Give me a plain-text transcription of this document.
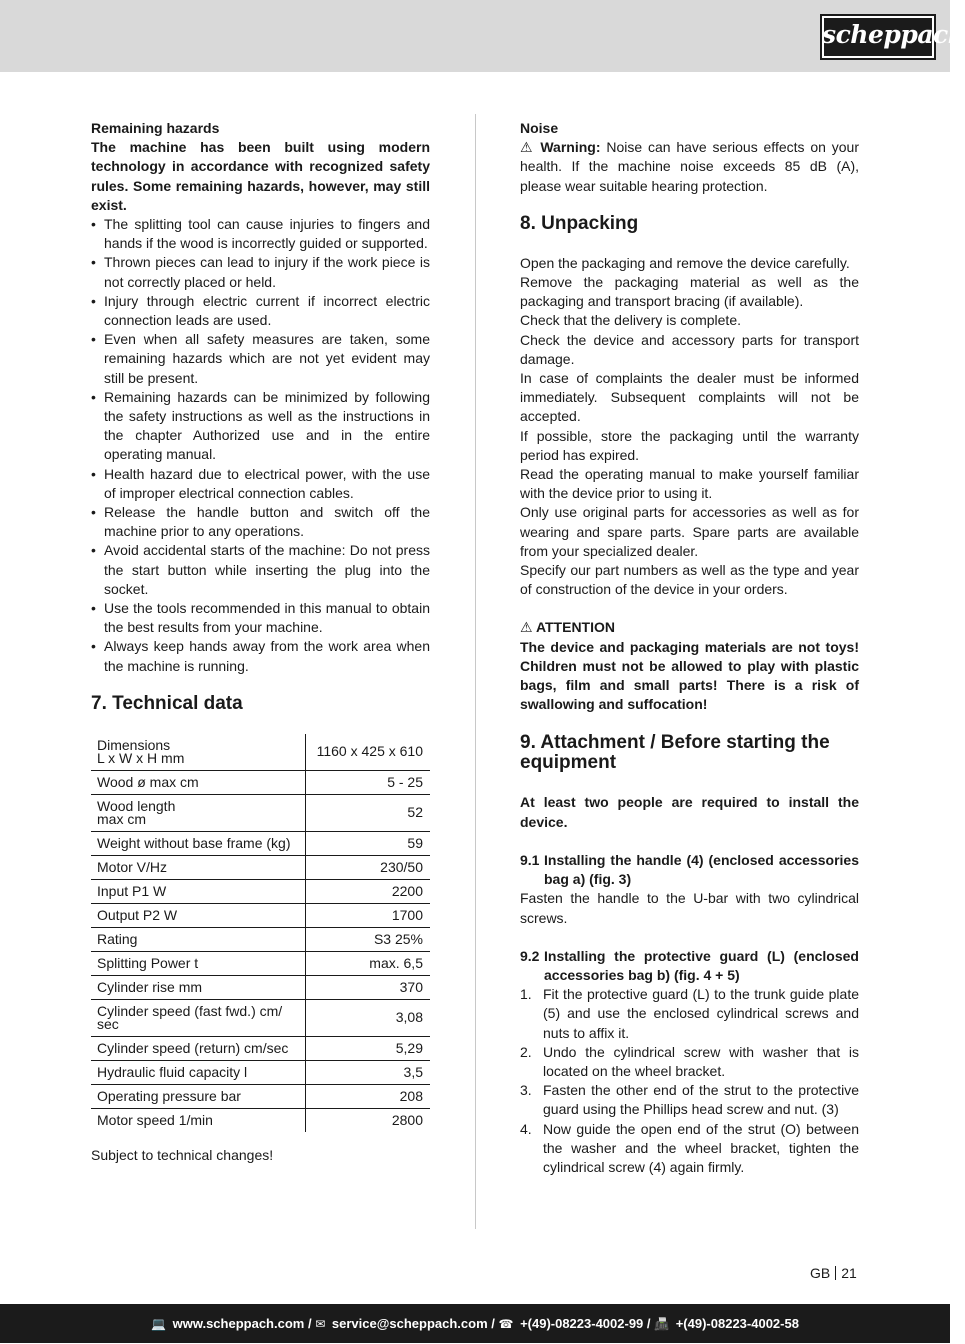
scheppach

Remaining hazards

The machine has been built using modern technology in accordance with recognized safety rules. Some remaining hazards, however, may still exist.

• The splitting tool can cause injuries to fingers and hands if the wood is incorrectly guided or supported.
• Thrown pieces can lead to injury if the work piece is not correctly placed or held.
• Injury through electric current if incorrect electric connection leads are used.
• Even when all safety measures are taken, some remaining hazards which are not yet evident may still be present.
• Remaining hazards can be minimized by following the safety instructions as well as the instructions in the chapter Authorized use and in the entire operating manual.
• Health hazard due to electrical power, with the use of improper electrical connection cables.
• Release the handle button and switch off the machine prior to any operations.
• Avoid accidental starts of the machine: Do not press the start button while inserting the plug into the socket.
• Use the tools recommended in this manual to obtain the best results from your machine.
• Always keep hands away from the work area when the machine is running.
7. Technical data
Dimensions
L x W x H mm	1160 x 425 x 610
Wood ø max cm	5 - 25
Wood length
max cm	52
Weight without base frame (kg)	59
Motor V/Hz	230/50
Input P1 W	2200
Output P2 W	1700
Rating	S3 25%
Splitting Power t	max. 6,5
Cylinder rise mm	370
Cylinder speed (fast fwd.) cm/
sec	3,08
Cylinder speed (return) cm/sec	5,29
Hydraulic fluid capacity l	3,5
Operating pressure bar	208
Motor speed 1/min	2800

Subject to technical changes!

Noise

⚠ Warning: Noise can have serious effects on your health. If the machine noise exceeds 85 dB (A), please wear suitable hearing protection.

8. Unpacking

Open the packaging and remove the device carefully.

Remove the packaging material as well as the packaging and transport bracing (if available).

Check that the delivery is complete.

Check the device and accessory parts for transport damage.

In case of complaints the dealer must be informed immediately. Subsequent complaints will not be accepted.

If possible, store the packaging until the warranty period has expired.

Read the operating manual to make yourself familiar with the device prior to using it.

Only use original parts for accessories as well as for wearing and spare parts. Spare parts are available from your specialized dealer.

Specify our part numbers as well as the type and year of construction of the device in your orders.

⚠ ATTENTION

The device and packaging materials are not toys! Children must not be allowed to play with plastic bags, film and small parts! There is a risk of swallowing and suffocation!

9. Attachment / Before starting the equipment

At least two people are required to install the device.

9.1 Installing the handle (4) (enclosed accessories bag a) (fig. 3)

Fasten the handle to the U-bar with two cylindrical screws.

9.2 Installing the protective guard (L) (enclosed accessories bag b) (fig. 4 + 5)

1. Fit the protective guard (L) to the trunk guide plate (5) and use the enclosed cylindrical screws and nuts to affix it.
2. Undo the cylindrical screw with washer that is located on the wheel bracket.
3. Fasten the other end of the strut to the protective guard using the Phillips head screw and nut. (3)
4. Now guide the open end of the strut (O) between the washer and the wheel bracket, tighten the cylindrical screw (4) again firmly.
GB 21
💻 www.scheppach.com / ✉ service@scheppach.com / ☎ +(49)-08223-4002-99 / 📠 +(49)-08223-4002-58
